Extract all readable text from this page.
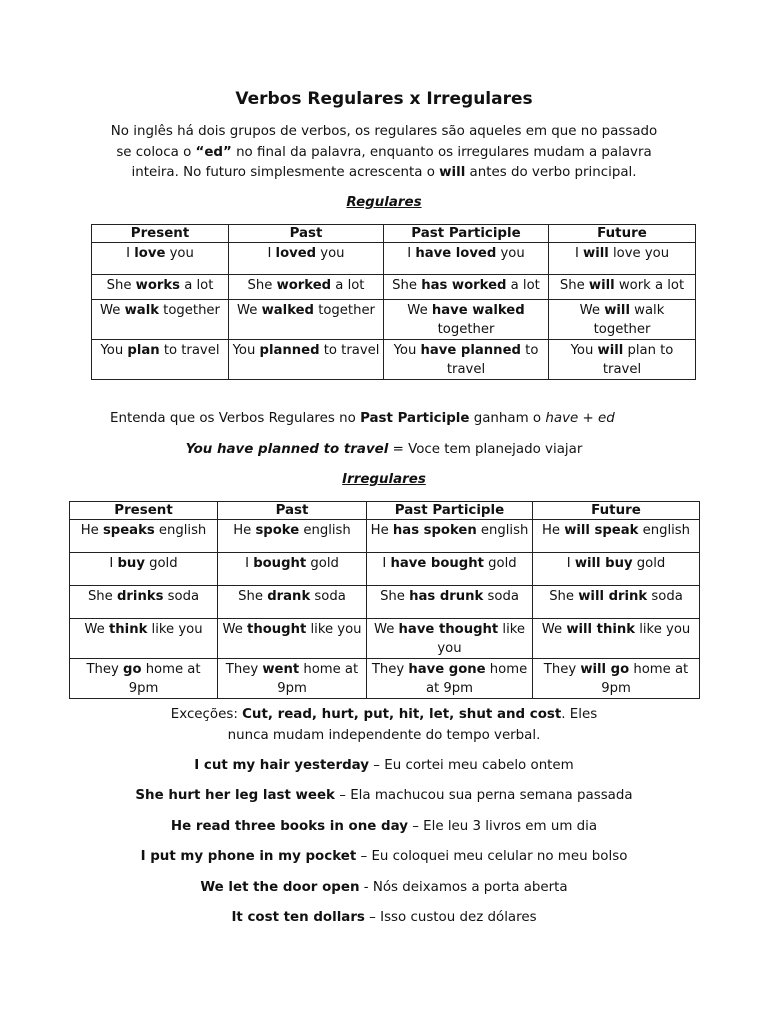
Verbos Regulares x Irregulares

No inglês há dois grupos de verbos, os regulares são aqueles em que no passado
se coloca o “ed” no final da palavra, enquanto os irregulares mudam a palavra
inteira. No futuro simplesmente acrescenta o will antes do verbo principal.

Regulares

Present	Past	Past Participle	Future
I love you	I loved you	I have loved you	I will love you
She works a lot	She worked a lot	She has worked a lot	She will work a lot
We walk together	We walked together	We have walked together	We will walk together
You plan to travel	You planned to travel	You have planned to travel	You will plan to travel

Entenda que os Verbos Regulares no Past Participle ganham o have + ed

You have planned to travel = Voce tem planejado viajar

Irregulares

Present	Past	Past Participle	Future
He speaks english	He spoke english	He has spoken english	He will speak english
I buy gold	I bought gold	I have bought gold	I will buy gold
She drinks soda	She drank soda	She has drunk soda	She will drink soda
We think like you	We thought like you	We have thought like you	We will think like you
They go home at 9pm	They went home at 9pm	They have gone home at 9pm	They will go home at 9pm

Exceções: Cut, read, hurt, put, hit, let, shut and cost. Eles nunca mudam independente do tempo verbal.

I cut my hair yesterday – Eu cortei meu cabelo ontem

She hurt her leg last week – Ela machucou sua perna semana passada

He read three books in one day – Ele leu 3 livros em um dia

I put my phone in my pocket – Eu coloquei meu celular no meu bolso

We let the door open - Nós deixamos a porta aberta

It cost ten dollars – Isso custou dez dólares
